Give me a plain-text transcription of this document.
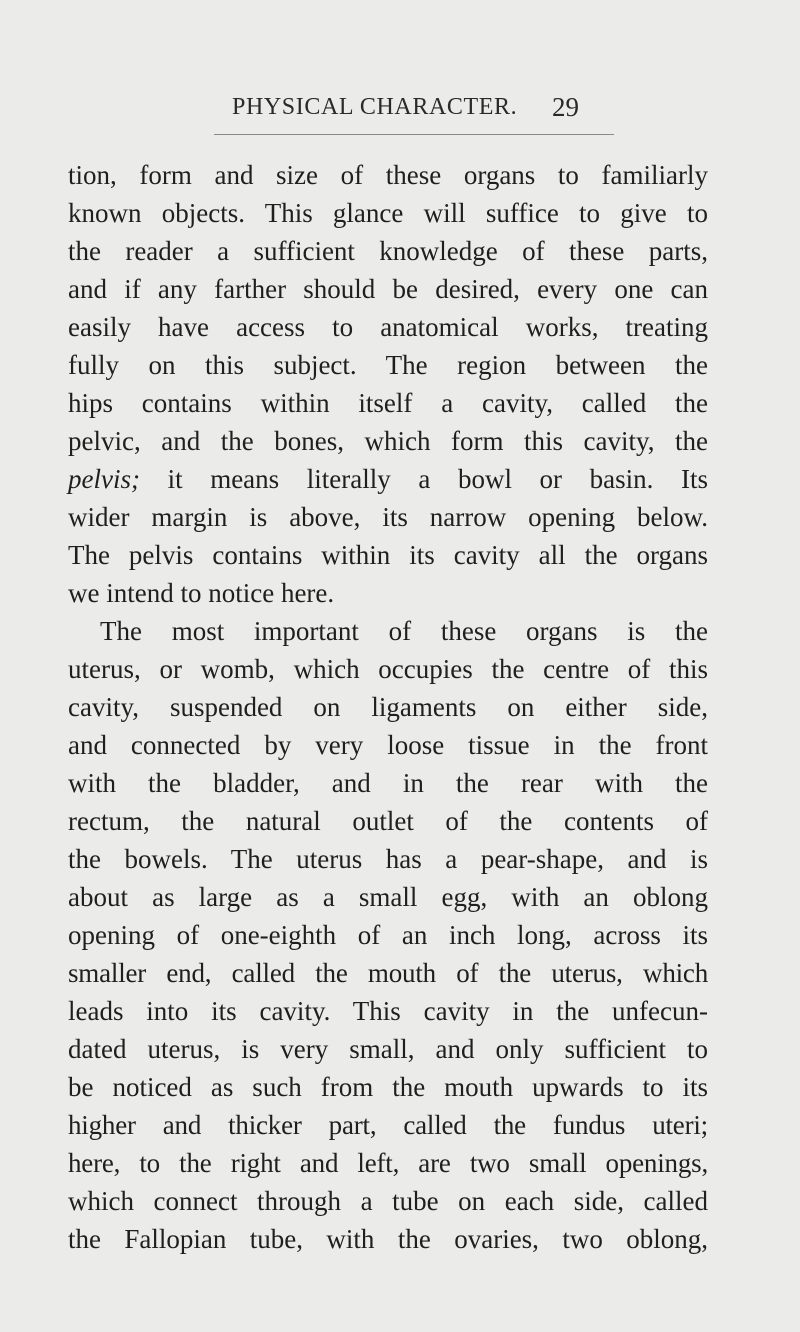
PHYSICAL CHARACTER. 29
tion, form and size of these organs to familiarly
known objects. This glance will suffice to give to
the reader a sufficient knowledge of these parts,
and if any farther should be desired, every one can
easily have access to anatomical works, treating
fully on this subject. The region between the
hips contains within itself a cavity, called the
pelvic, and the bones, which form this cavity, the
pelvis; it means literally a bowl or basin. Its
wider margin is above, its narrow opening below.
The pelvis contains within its cavity all the organs
we intend to notice here.
The most important of these organs is the
uterus, or womb, which occupies the centre of this
cavity, suspended on ligaments on either side,
and connected by very loose tissue in the front
with the bladder, and in the rear with the
rectum, the natural outlet of the contents of
the bowels. The uterus has a pear-shape, and is
about as large as a small egg, with an oblong
opening of one-eighth of an inch long, across its
smaller end, called the mouth of the uterus, which
leads into its cavity. This cavity in the unfecun-
dated uterus, is very small, and only sufficient to
be noticed as such from the mouth upwards to its
higher and thicker part, called the fundus uteri;
here, to the right and left, are two small openings,
which connect through a tube on each side, called
the Fallopian tube, with the ovaries, two oblong,
